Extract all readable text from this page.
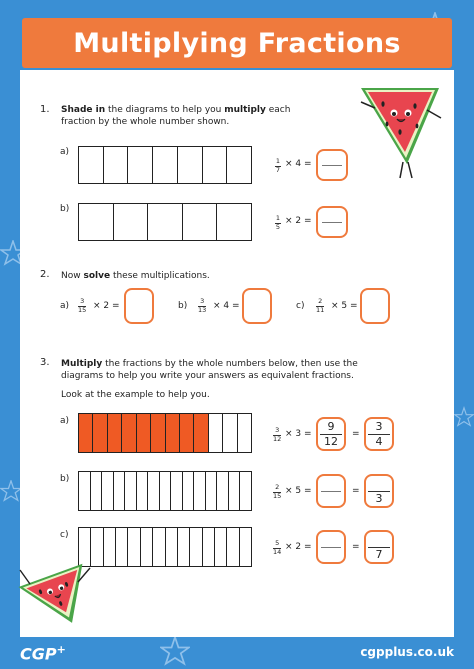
Multiplying Fractions
1. Shade in the diagrams to help you multiply each
fraction by the whole number shown.
a)
1
7
× 4 =
b)
1
5
× 2 =
2. Now solve these multiplications.
a) 3
15 × 2 =	b) 3
13 × 4 =	c) 2
11 × 5 =
3. Multiply the fractions by the whole numbers below, then use the
diagrams to help you write your answers as equivalent fractions.
Look at the example to help you.
a)
3
12 × 3 =
9
12
=
3
4
b)
2
15 × 5 =	=
3
c)
5
14 × 2 =	=
7
CGP+	cgpplus.co.uk
